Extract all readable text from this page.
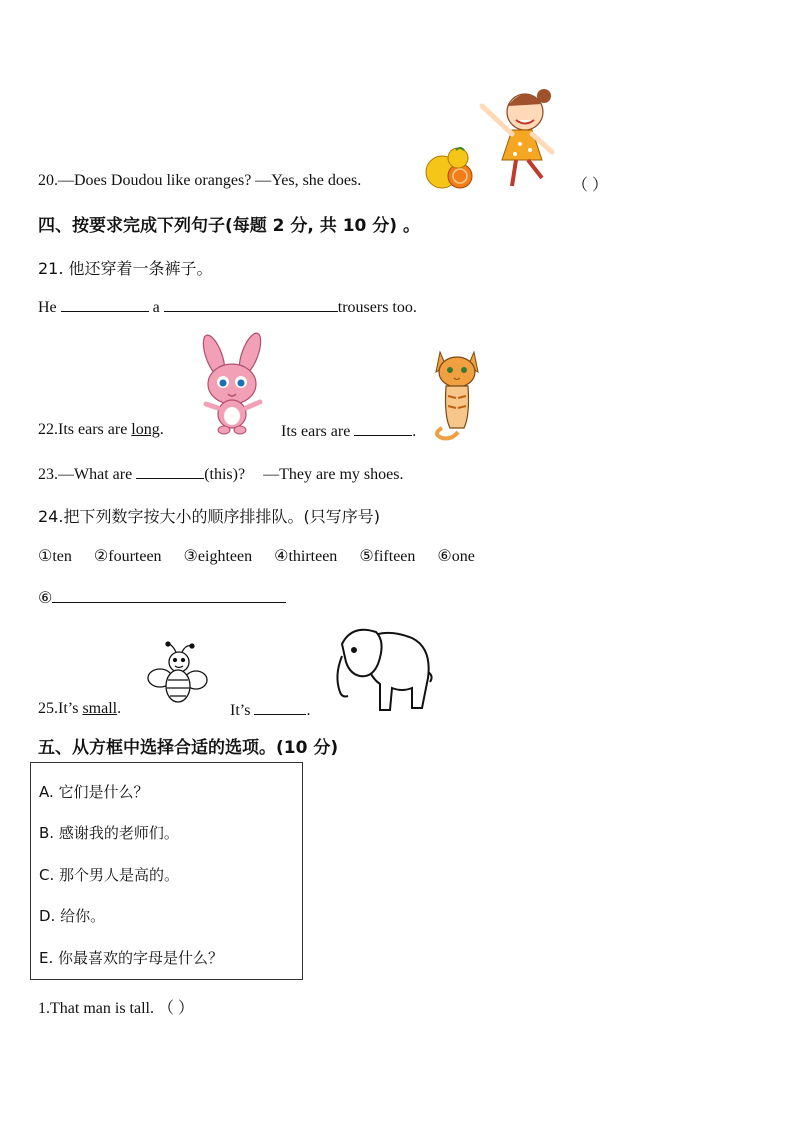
20.—Does Doudou like oranges? —Yes, she does.	（ ）
四、按要求完成下列句子(每题 2 分, 共 10 分) 。
21. 他还穿着一条裤子。
He	a	trousers too.
22.Its ears are long.	Its ears are	.
23.—What are	(this)? —They are my shoes.
24.把下列数字按大小的顺序排排队。(只写序号)
①ten ②fourteen ③eighteen ④thirteen ⑤fifteen ⑥one
⑥
25.It’s small.	It’s	.
五、从方框中选择合适的选项。(10 分)
A. 它们是什么？
B. 感谢我的老师们。
C. 那个男人是高的。
D. 给你。
E. 你最喜欢的字母是什么？
1.That man is tall. （ ）
